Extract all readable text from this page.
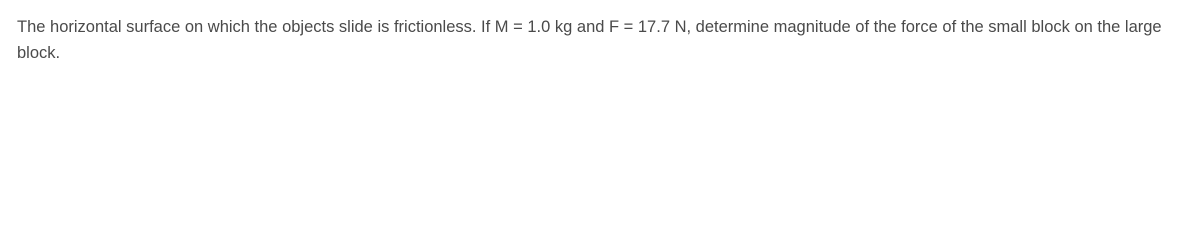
The horizontal surface on which the objects slide is frictionless. If M = 1.0 kg and F = 17.7 N, determine magnitude of the force of the small block on the large block.
